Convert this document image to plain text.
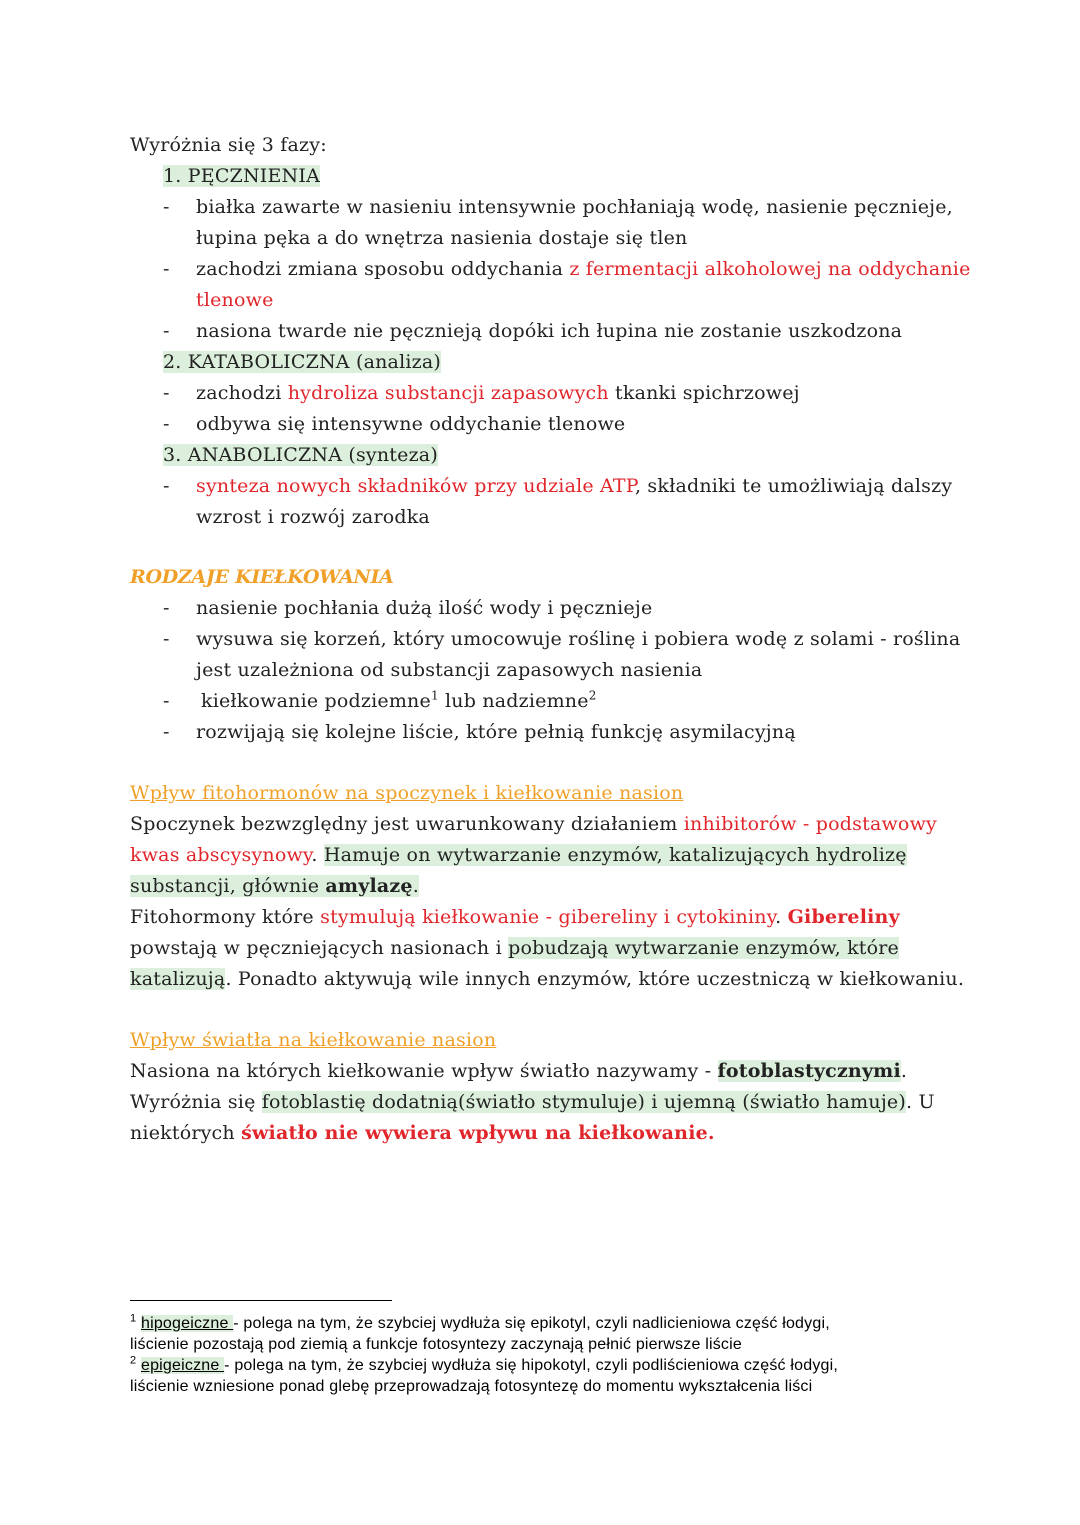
Wyróżnia się 3 fazy:
1. PĘCZNIENIA
- białka zawarte w nasieniu intensywnie pochłaniają wodę, nasienie pęcznieje,
łupina pęka a do wnętrza nasienia dostaje się tlen
- zachodzi zmiana sposobu oddychania z fermentacji alkoholowej na oddychanie
tlenowe
- nasiona twarde nie pęcznieją dopóki ich łupina nie zostanie uszkodzona
2. KATABOLICZNA (analiza)
- zachodzi hydroliza substancji zapasowych tkanki spichrzowej
- odbywa się intensywne oddychanie tlenowe
3. ANABOLICZNA (synteza)
- synteza nowych składników przy udziale ATP, składniki te umożliwiają dalszy
wzrost i rozwój zarodka
RODZAJE KIEŁKOWANIA
- nasienie pochłania dużą ilość wody i pęcznieje
- wysuwa się korzeń, który umocowuje roślinę i pobiera wodę z solami - roślina
jest uzależniona od substancji zapasowych nasienia
- kiełkowanie podziemne$^1$ lub nadziemne$^2$
- rozwijają się kolejne liście, które pełnią funkcję asymilacyjną
Wpływ fitohormonów na spoczynek i kiełkowanie nasion
Spoczynek bezwzględny jest uwarunkowany działaniem inhibitorów - podstawowy
kwas abscysynowy. Hamuje on wytwarzanie enzymów, katalizujących hydrolizę
substancji, głównie amylazę.
Fitohormony które stymulują kiełkowanie - gibereliny i cytokininy. Gibereliny
powstają w pęczniejących nasionach i pobudzają wytwarzanie enzymów, które
katalizują. Ponadto aktywują wile innych enzymów, które uczestniczą w kiełkowaniu.
Wpływ światła na kiełkowanie nasion
Nasiona na których kiełkowanie wpływ światło nazywamy - fotoblastycznymi.
Wyróżnia się fotoblastię dodatnią(światło stymuluje) i ujemną (światło hamuje). U
niektórych światło nie wywiera wpływu na kiełkowanie.
$^1$ hipogeiczne - polega na tym, że szybciej wydłuża się epikotyl, czyli nadlicieniowa część łodygi,
liścienie pozostają pod ziemią a funkcje fotosyntezy zaczynają pełnić pierwsze liście
$^2$ epigeiczne - polega na tym, że szybciej wydłuża się hipokotyl, czyli podliścieniowa część łodygi,
liścienie wzniesione ponad glebę przeprowadzają fotosyntezę do momentu wykształcenia liści
